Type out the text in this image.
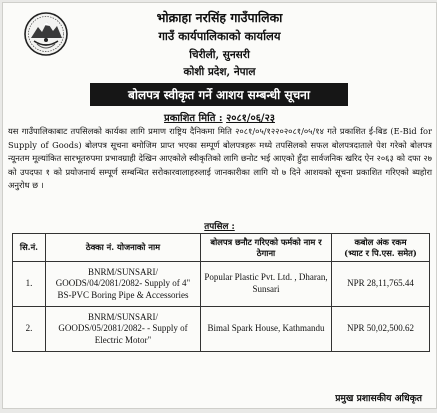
भोक्राहा नरसिंह गाउँपालिका
गाउँ कार्यपालिकाको कार्यालय
चिरीली, सुनसरी
कोशी प्रदेश, नेपाल
बोलपत्र स्वीकृत गर्ने आशय सम्बन्धी सूचना
प्रकाशित मिति : २०८१/०६/२३
यस गाउँपालिकाबाट तपसिलको कार्यका लागि प्रमाण राष्ट्रिय दैनिकमा मिति २०८१/०५/१२२०२०८१/०५/१४ गते प्रकाशित ई-बिड (E-Bid for Supply of Goods) बोलपत्र सूचना बमोजिम प्राप्त भएका सम्पूर्ण बोलपत्रहरू मध्ये तपसिलको सफल बोलपत्रदाताले पेश गरेको बोलपत्र न्यूनतम मूल्यांकित सारभूतरुपमा प्रभावग्राही देखिन आएकोले स्वीकृतिको लागि छनोट भई आएको हुँदा सार्वजनिक खरिद ऐन २०६३ को दफा २७ को उपदफा १ को प्रयोजनार्थ सम्पूर्ण सम्बन्धित सरोकारवालाहरुलाई जानकारीका लागि यो ७ दिने आशयको सूचना प्रकाशित गरिएको ब्यहोरा अनुरोध छ ।
तपसिल :
सि.नं.	ठेक्का नं. योजनाको नाम	बोलपत्र छनौट गरिएको फर्मको नाम र ठेगाना	कबोल अंक रकम
(भ्याट र पि.एस. समेत)

1.	BNRM/SUNSARI/ GOODS/04/2081/2082- Supply of 4" BS-PVC Boring Pipe & Accessories	Popular Plastic Pvt. Ltd. , Dharan, Sunsari	NPR 28,11,765.44
2.	BNRM/SUNSARI/ GOODS/05/2081/2082- - Supply of Electric Motor"	Bimal Spark House, Kathmandu	NPR 50,02,500.62
प्रमुख प्रशासकीय अधिकृत
